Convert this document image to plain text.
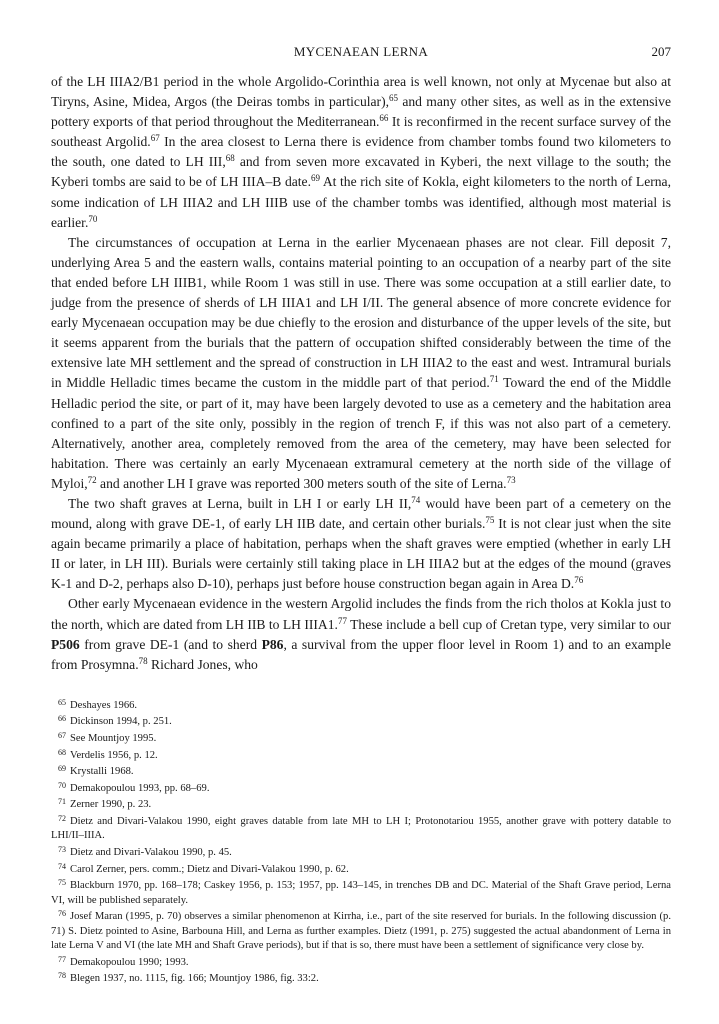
MYCENAEAN LERNA	207

of the LH IIIA2/B1 period in the whole Argolido-Corinthia area is well known, not only at Mycenae but also at Tiryns, Asine, Midea, Argos (the Deiras tombs in particular),$^{65}$ and many other sites, as well as in the extensive pottery exports of that period throughout the Mediterranean.$^{66}$ It is reconfirmed in the recent surface survey of the southeast Argolid.$^{67}$ In the area closest to Lerna there is evidence from chamber tombs found two kilometers to the south, one dated to LH III,$^{68}$ and from seven more excavated in Kyberi, the next village to the south; the Kyberi tombs are said to be of LH IIIA–B date.$^{69}$ At the rich site of Kokla, eight kilometers to the north of Lerna, some indication of LH IIIA2 and LH IIIB use of the chamber tombs was identified, although most material is earlier.$^{70}$

The circumstances of occupation at Lerna in the earlier Mycenaean phases are not clear. Fill deposit 7, underlying Area 5 and the eastern walls, contains material pointing to an occupation of a nearby part of the site that ended before LH IIIB1, while Room 1 was still in use. There was some occupation at a still earlier date, to judge from the presence of sherds of LH IIIA1 and LH I/II. The general absence of more concrete evidence for early Mycenaean occupation may be due chiefly to the erosion and disturbance of the upper levels of the site, but it seems apparent from the burials that the pattern of occupation shifted considerably between the time of the extensive late MH settlement and the spread of construction in LH IIIA2 to the east and west. Intramural burials in Middle Helladic times became the custom in the middle part of that period.$^{71}$ Toward the end of the Middle Helladic period the site, or part of it, may have been largely devoted to use as a cemetery and the habitation area confined to a part of the site only, possibly in the region of trench F, if this was not also part of a cemetery. Alternatively, another area, completely removed from the area of the cemetery, may have been selected for habitation. There was certainly an early Mycenaean extramural cemetery at the north side of the village of Myloi,$^{72}$ and another LH I grave was reported 300 meters south of the site of Lerna.$^{73}$

The two shaft graves at Lerna, built in LH I or early LH II,$^{74}$ would have been part of a cemetery on the mound, along with grave DE-1, of early LH IIB date, and certain other burials.$^{75}$ It is not clear just when the site again became primarily a place of habitation, perhaps when the shaft graves were emptied (whether in early LH II or later, in LH III). Burials were certainly still taking place in LH IIIA2 but at the edges of the mound (graves K-1 and D-2, perhaps also D-10), perhaps just before house construction began again in Area D.$^{76}$

Other early Mycenaean evidence in the western Argolid includes the finds from the rich tholos at Kokla just to the north, which are dated from LH IIB to LH IIIA1.77 These include a bell cup of Cretan type, very similar to our P506 from grave DE-1 (and to sherd P86, a survival from the upper floor level in Room 1) and to an example from Prosymna.$^{78}$ Richard Jones, who

65 Deshayes 1966.
66 Dickinson 1994, p. 251.
67 See Mountjoy 1995.
68 Verdelis 1956, p. 12.
69 Krystalli 1968.
70 Demakopoulou 1993, pp. 68–69.
71 Zerner 1990, p. 23.
72 Dietz and Divari-Valakou 1990, eight graves datable from late MH to LH I; Protonotariou 1955, another grave with pottery datable to LHI/II–IIIA.
73 Dietz and Divari-Valakou 1990, p. 45.
74 Carol Zerner, pers. comm.; Dietz and Divari-Valakou 1990, p. 62.
75 Blackburn 1970, pp. 168–178; Caskey 1956, p. 153; 1957, pp. 143–145, in trenches DB and DC. Material of the Shaft Grave period, Lerna VI, will be published separately.
76 Josef Maran (1995, p. 70) observes a similar phenomenon at Kirrha, i.e., part of the site reserved for burials. In the following discussion (p. 71) S. Dietz pointed to Asine, Barbouna Hill, and Lerna as further examples. Dietz (1991, p. 275) suggested the actual abandonment of Lerna in late Lerna V and VI (the late MH and Shaft Grave periods), but if that is so, there must have been a settlement of significance very close by.
77 Demakopoulou 1990; 1993.
78 Blegen 1937, no. 1115, fig. 166; Mountjoy 1986, fig. 33:2.
